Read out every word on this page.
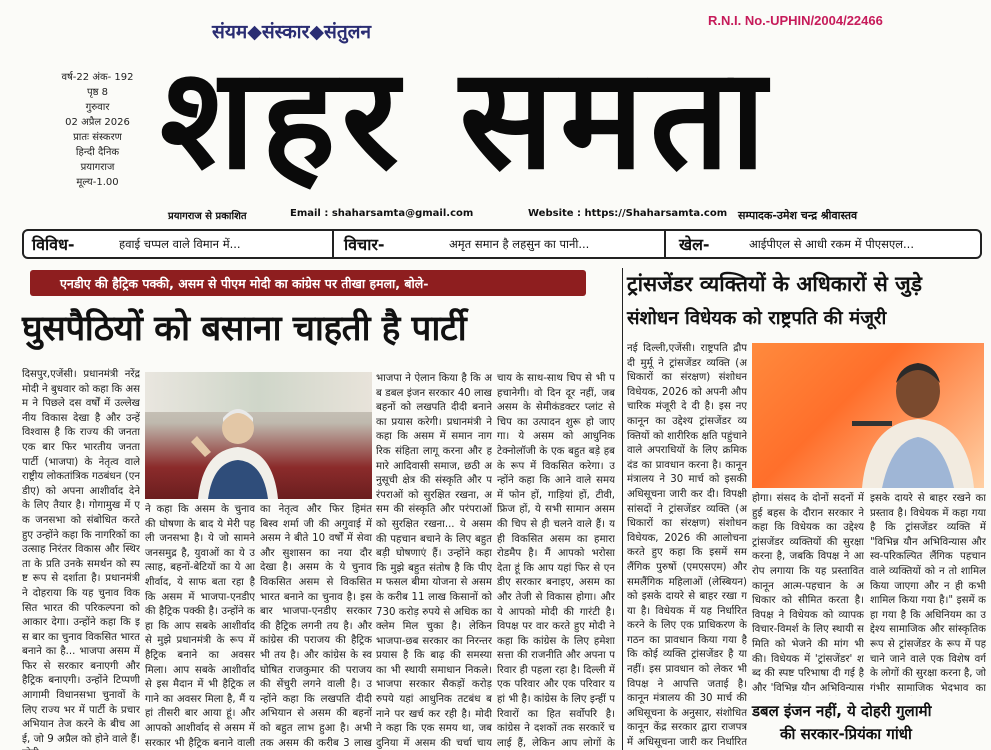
संयम◆संस्कार◆संतुलन
R.N.I. No.-UPHIN/2004/22466
वर्ष-22 अंक- 192
पृष्ठ 8
गुरुवार
02 अप्रैल 2026
प्रातः संस्करण
हिन्दी दैनिक
प्रयागराज
मूल्य-1.00 शहर समता
प्रयागराज से प्रकाशित	Email : shaharsamta@gmail.com	Website : https://Shaharsamta.com सम्पादक-उमेश चन्द्र श्रीवास्तव
विविध-	हवाई चप्पल वाले विमान में...	विचार-	अमृत समान है लहसुन का पानी...	खेल-	आईपीएल से आधी रकम में पीएसएल...
एनडीए की हैट्रिक पक्की, असम से पीएम मोदी का कांग्रेस पर तीखा हमला, बोले-
घुसपैठियों को बसाना चाहती है पार्टी
दिसपुर,एजेंसी। प्रधानमंत्री नरेंद्र मोदी ने बुधवार को कहा कि असम ने पिछले दस वर्षों में उल्लेखनीय विकास देखा है और उन्हें विश्वास है कि राज्य की जनता एक बार फिर भारतीय जनता पार्टी (भाजपा) के नेतृत्व वाले राष्ट्रीय लोकतांत्रिक गठबंधन (एनडीए) को अपना आशीर्वाद देने के लिए तैयार है। गोगामुख में एक जनसभा को संबोधित करते हुए उन्होंने कहा कि नागरिकों का उत्साह निरंतर विकास और स्थिरता के प्रति उनके समर्थन को स्पष्ट रूप से दर्शाता है। प्रधानमंत्री ने दोहराया कि यह चुनाव विकसित भारत की परिकल्पना को आकार देगा। उन्होंने कहा कि इस बार का चुनाव विकसित भारत बनाने का है... भाजपा असम में फिर से सरकार बनाएगी और हैट्रिक बनाएगी। उन्होंने टिप्पणी आगामी विधानसभा चुनावों के लिए राज्य भर में पार्टी के प्रचार अभियान तेज करने के बीच आई, जो 9 अप्रैल को होने वाले हैं।
ने कहा कि असम के चुनाव की घोषणा के बाद ये मेरी पहली जनसभा है। ये जो सामने जनसमुद्र है, युवाओं का ये उत्साह, बहनों-बेटियों का ये आशीर्वाद, ये साफ बता रहा है कि असम में भाजपा-एनडीए की हैट्रिक पक्की है। उन्होंने कहा कि आप सबके आशीर्वाद से मुझे प्रधानमंत्री के रूप में हैट्रिक बनाने का अवसर मिला। आप सबके आशीर्वाद से इस मैदान में भी हैट्रिक लगाने का अवसर मिला है, मैं यहां तीसरी बार आया हूं। और आपको आशीर्वाद से असम में सरकार भी हैट्रिक बनाने वाली
भाजपा ने ऐलान किया है कि अब डबल इंजन सरकार 40 लाख बहनों को लखपति दीदी बनाने का प्रयास करेगी। प्रधानमंत्री ने कहा कि असम में समान नागरिक संहिता लागू करना और हमारे आदिवासी समाज, छठी अनुसूची क्षेत्र की संस्कृति और परंपराओं को सुरक्षित रखना, असम की संस्कृति और परंपराओं को सुरक्षित रखना... ये असम की पहचान बचाने के लिए बहुत बड़ी घोषणाएं हैं। उन्होंने कहा कि मुझे बहुत संतोष है कि पीएम फसल बीमा योजना से असम के करीब 11 लाख किसानों को 730 करोड़ रुपये से अधिक का क्लेम मिल चुका है। लेकिन भाजपा-छब सरकार का निरन्तर प्रयास है कि बाढ़ की समस्या का भी स्थायी समाधान निकले। भाजपा सरकार सैकड़ों करोड़ रुपये यहां आधुनिक तटबंध बनाने पर खर्च कर रही है। मोदी ने कहा कि एक समय था, जब दुनिया में असम की चर्चा चाय
चाय के साथ-साथ चिप से भी पहचानेगी। वो दिन दूर नहीं, जब असम के सेमीकंडक्टर प्लांट से चिप का उत्पादन शुरू हो जाएगा। ये असम को आधुनिक टेक्नोलॉजी के एक बहुत बड़े हब के रूप में विकसित करेगा। उन्होंने कहा कि आने वाले समय में फोन हों, गाड़ियां हों, टीवी, फ्रिज हों, ये सभी सामान असम की चिप से ही चलने वाले हैं। यही विकसित असम का हमारा रोडमैप है। मैं आपको भरोसा देता हूं कि आप यहां फिर से एनडीए सरकार बनाइए, असम का और तेजी से विकास होगा। और ये आपको मोदी की गारंटी है। विपक्ष पर वार करते हुए मोदी ने कहा कि कांग्रेस के लिए हमेशा सत्ता की राजनीति और अपना परिवार ही पहला रहा है। दिल्ली में एक परिवार और एक परिवार यहां भी है। कांग्रेस के लिए इन्हीं परिवारों का हित सर्वोपरि है। कांग्रेस ने दशकों तक सरकारें चलाई हैं, लेकिन आप लोगों के
ट्रांसजेंडर व्यक्तियों के अधिकारों से जुड़े
संशोधन विधेयक को राष्ट्रपति की मंजूरी
नई दिल्ली,एजेंसी। राष्ट्रपति द्रौपदी मुर्मू ने ट्रांसजेंडर व्यक्ति (अधिकारों का संरक्षण) संशोधन विधेयक, 2026 को अपनी औपचारिक मंजूरी दे दी है। इस नए कानून का उद्देश्य ट्रांसजेंडर व्यक्तियों को शारीरिक क्षति पहुंचाने वाले अपराधियों के लिए क्रमिक दंड का प्रावधान करना है। कानून मंत्रालय ने 30 मार्च को इसकी अधिसूचना जारी कर दी। विपक्षी सांसदों ने ट्रांसजेंडर व्यक्ति (अधिकारों का संरक्षण) संशोधन विधेयक, 2026 की आलोचना करते हुए कहा कि इसमें समलैंगिक पुरुषों (एमएसएम) और समलैंगिक महिलाओं (लेस्बियन) को इसके दायरे से बाहर रखा गया है। विधेयक में यह निर्धारित करने के लिए एक प्राधिकरण के गठन का प्रावधान किया गया है कि कोई व्यक्ति ट्रांसजेंडर है या नहीं। इस प्रावधान को लेकर भी विपक्ष ने आपत्ति जताई है। कानून मंत्रालय की 30 मार्च की अधिसूचना के अनुसार, संशोधित कानून केंद्र सरकार द्वारा राजपत्र में अधिसूचना जारी कर निर्धारित
होगा। संसद के दोनों सदनों में हुई बहस के दौरान सरकार ने कहा कि विधेयक का उद्देश्य ट्रांसजेंडर व्यक्तियों की सुरक्षा करना है, जबकि विपक्ष ने आरोप लगाया कि यह प्रस्तावित कानून आत्म-पहचान के अधिकार को सीमित करता है। विपक्ष ने विधेयक को व्यापक विचार-विमर्श के लिए स्थायी समिति को भेजने की मांग भी की। विधेयक में 'ट्रांसजेंडर' शब्द की स्पष्ट परिभाषा दी गई है और 'विभिन्न यौन अभिविन्यास
इसके दायरे से बाहर रखने का प्रस्ताव है। विधेयक में कहा गया है कि ट्रांसजेंडर व्यक्ति में "विभिन्न यौन अभिविन्यास और स्व-परिकल्पित लैंगिक पहचान वाले व्यक्तियों को न तो शामिल किया जाएगा और न ही कभी शामिल किया गया है।" इसमें कहा गया है कि अधिनियम का उद्देश्य सामाजिक और सांस्कृतिक रूप से ट्रांसजेंडर के रूप में पहचाने जाने वाले एक विशेष वर्ग के लोगों की सुरक्षा करना है, जो गंभीर सामाजिक भेदभाव का
डबल इंजन नहीं, ये दोहरी गुलामी
की सरकार-प्रियंका गांधी
का नेतृत्व और फिर हिमंत बिस्व शर्मा जी की अगुवाई में असम ने बीते 10 वर्षों में सेवा और सुशासन का नया दौर देखा है। असम के ये चुनाव विकसित असम से विकसित भारत बनाने का चुनाव है। इस बार भाजपा-एनडीए सरकार की हैट्रिक लगनी तय है। और कांग्रेस की पराजय की हैट्रिक भी तय है। और कांग्रेस के स्वघोषित राजकुमार की पराजय की सेंचुरी लगने वाली है। उन्होंने कहा कि लखपति दीदी अभियान से असम की बहनों को बहुत लाभ हुआ है। अभी तक असम की करीब 3 लाख
